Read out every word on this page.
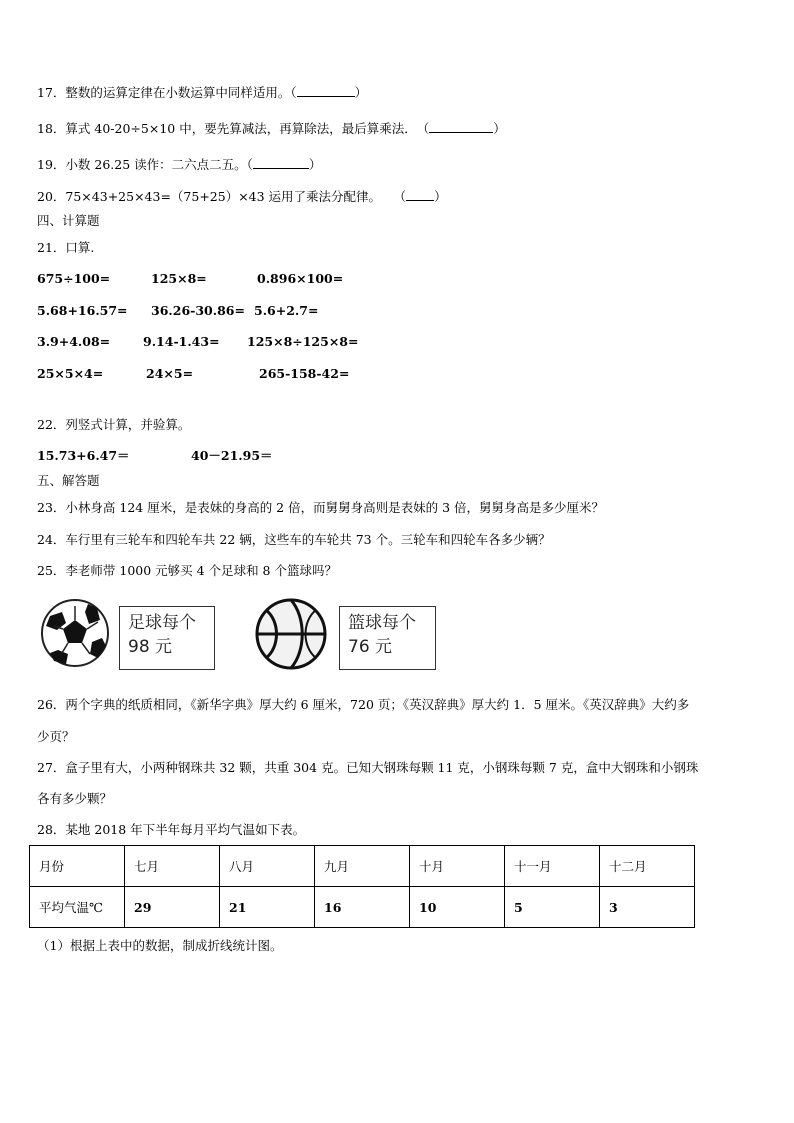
17．整数的运算定律在小数运算中同样适用。（	）
18．算式 40-20÷5×10 中，要先算减法，再算除法，最后算乘法．　（	）
19．小数 26.25 读作：二六点二五。（	）
20．75×43+25×43=（75+25）×43 运用了乘法分配律。　　（ ）
四、计算题
21．口算.
675÷100=	125×8=	0.896×100=
5.68+16.57= 36.26-30.86= 5.6+2.7=
3.9+4.08=	9.14-1.43= 125×8÷125×8=
25×5×4=	24×5=	265-158-42=
22．列竖式计算，并验算。
15.73+6.47＝	40－21.95＝
五、解答题
23．小林身高 124 厘米，是表妹的身高的 2 倍，而舅舅身高则是表妹的 3 倍，舅舅身高是多少厘米？
24．车行里有三轮车和四轮车共 22 辆，这些车的车轮共 73 个。三轮车和四轮车各多少辆？
25．李老师带 1000 元够买 4 个足球和 8 个篮球吗？
足球每个
98 元
篮球每个
76 元
26．两个字典的纸质相同，《新华字典》厚大约 6 厘米，720 页；《英汉辞典》厚大约 1．5 厘米。《英汉辞典》大约多
少页？
27．盒子里有大，小两种钢珠共 32 颗，共重 304 克。已知大钢珠每颗 11 克，小钢珠每颗 7 克，盒中大钢珠和小钢珠
各有多少颗？
28．某地 2018 年下半年每月平均气温如下表。
月份	七月	八月	九月	十月	十一月	十二月
平均气温℃	29	21	16	10	5	3
（1）根据上表中的数据，制成折线统计图。
